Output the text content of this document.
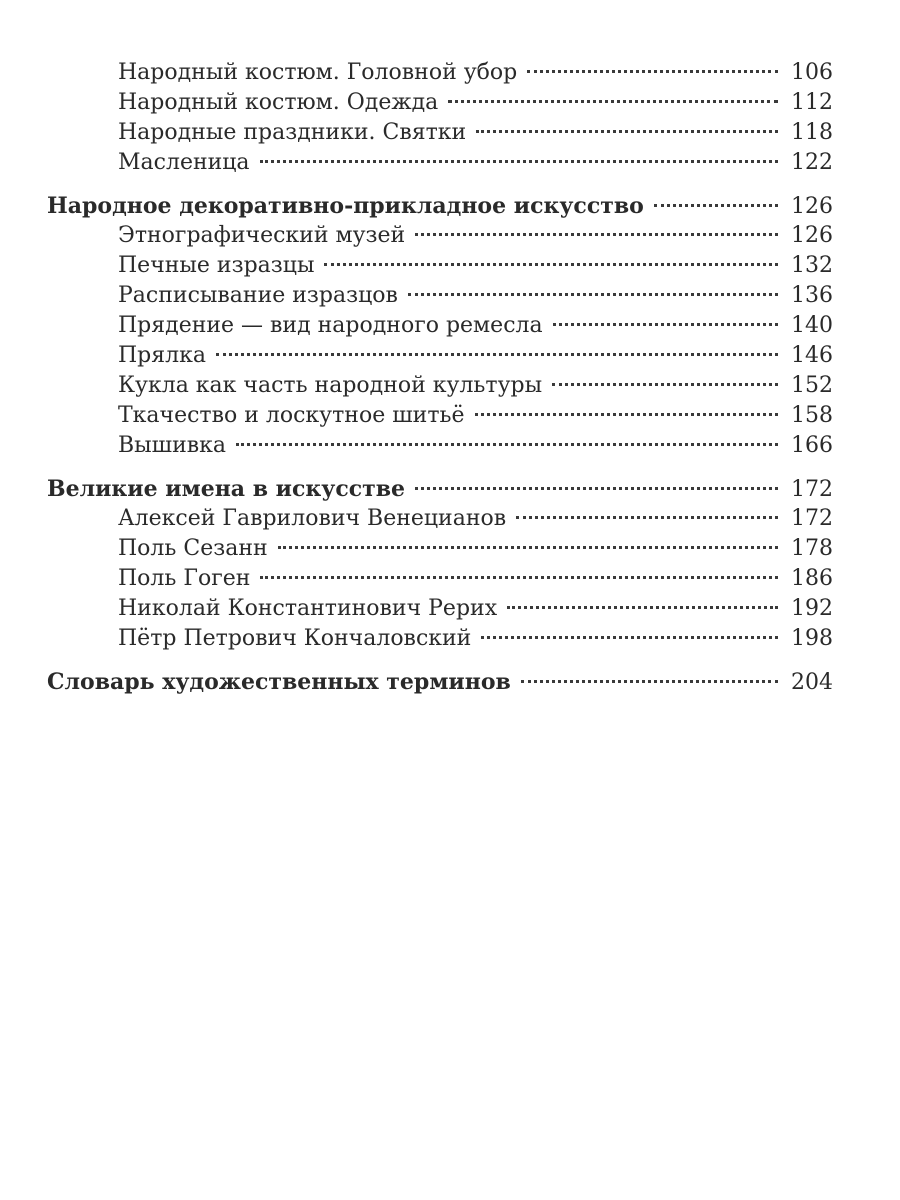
Народный костюм. Головной убор	106
Народный костюм. Одежда	112
Народные праздники. Святки	118
Масленица	122
Народное декоративно-прикладное искусство	126
Этнографический музей	126
Печные изразцы	132
Расписывание изразцов	136
Прядение — вид народного ремесла	140
Прялка	146
Кукла как часть народной культуры	152
Ткачество и лоскутное шитьё	158
Вышивка	166
Великие имена в искусстве	172
Алексей Гаврилович Венецианов	172
Поль Сезанн	178
Поль Гоген	186
Николай Константинович Рерих	192
Пётр Петрович Кончаловский	198
Словарь художественных терминов	204
